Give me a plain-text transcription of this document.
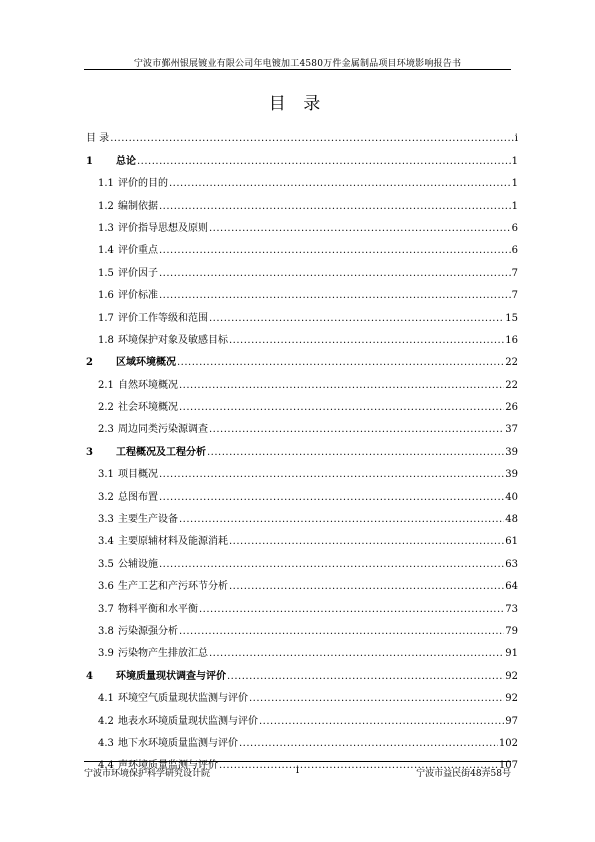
宁波市鄞州银展镀业有限公司年电镀加工4580万件金属制品项目环境影响报告书
目 录
目 录 .....	i
1	总论 .....	1
1.1 评价的目的 .....	1
1.2 编制依据 .....	1
1.3 评价指导思想及原则 .....	6
1.4 评价重点 .....	6
1.5 评价因子 .....	7
1.6 评价标准 .....	7
1.7 评价工作等级和范围 .....	15
1.8 环境保护对象及敏感目标 .....	16
2	区域环境概况 .....	22
2.1 自然环境概况 .....	22
2.2 社会环境概况 .....	26
2.3 周边同类污染源调查 .....	37
3	工程概况及工程分析 .....	39
3.1 项目概况 .....	39
3.2 总图布置 .....	40
3.3 主要生产设备 .....	48
3.4 主要原辅材料及能源消耗 .....	61
3.5 公辅设施 .....	63
3.6 生产工艺和产污环节分析 .....	64
3.7 物料平衡和水平衡 .....	73
3.8 污染源强分析 .....	79
3.9 污染物产生排放汇总 .....	91
4	环境质量现状调查与评价 .....	92
4.1 环境空气质量现状监测与评价 .....	92
4.2 地表水环境质量现状监测与评价 .....	97
4.3 地下水环境质量监测与评价 .....	102
4.4 声环境质量监测与评价 .....	107
宁波市环境保护科学研究设计院	i	宁波市益民街48弄58号
